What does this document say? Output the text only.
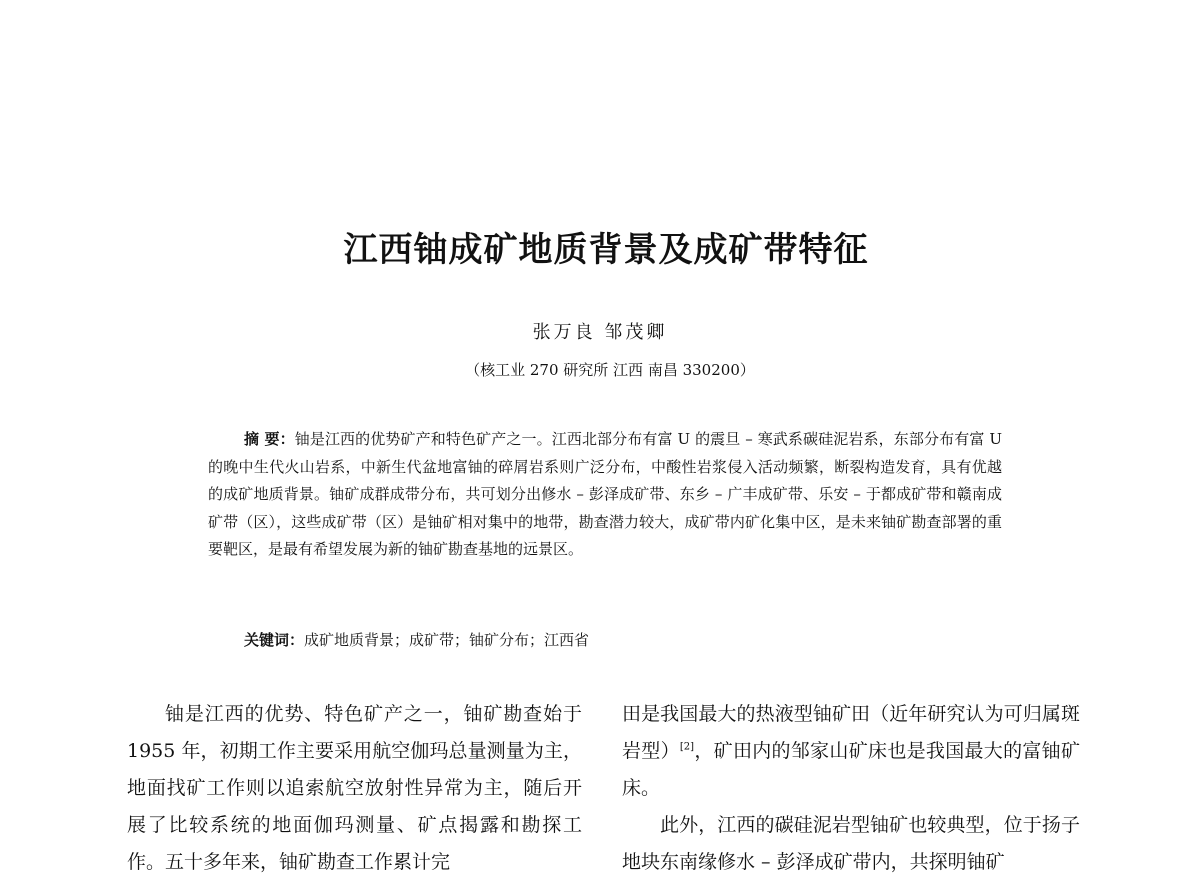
江西铀成矿地质背景及成矿带特征
张万良 邹茂卿
（核工业 270 研究所 江西 南昌 330200）
摘 要：铀是江西的优势矿产和特色矿产之一。江西北部分布有富 U 的震旦 – 寒武系碳硅泥岩系，东部分布有富 U 的晚中生代火山岩系，中新生代盆地富铀的碎屑岩系则广泛分布，中酸性岩浆侵入活动频繁，断裂构造发育，具有优越的成矿地质背景。铀矿成群成带分布，共可划分出修水 – 彭泽成矿带、东乡 – 广丰成矿带、乐安 – 于都成矿带和赣南成矿带（区），这些成矿带（区）是铀矿相对集中的地带，勘查潜力较大，成矿带内矿化集中区，是未来铀矿勘查部署的重要靶区，是最有希望发展为新的铀矿勘查基地的远景区。
关键词：成矿地质背景；成矿带；铀矿分布；江西省

铀是江西的优势、特色矿产之一，铀矿勘查始于 1955 年，初期工作主要采用航空伽玛总量测量为主，地面找矿工作则以追索航空放射性异常为主，随后开展了比较系统的地面伽玛测量、矿点揭露和勘探工作。五十多年来，铀矿勘查工作累计完

田是我国最大的热液型铀矿田（近年研究认为可归属斑岩型）[2]，矿田内的邹家山矿床也是我国最大的富铀矿床。

此外，江西的碳硅泥岩型铀矿也较典型，位于扬子地块东南缘修水 – 彭泽成矿带内，共探明铀矿
